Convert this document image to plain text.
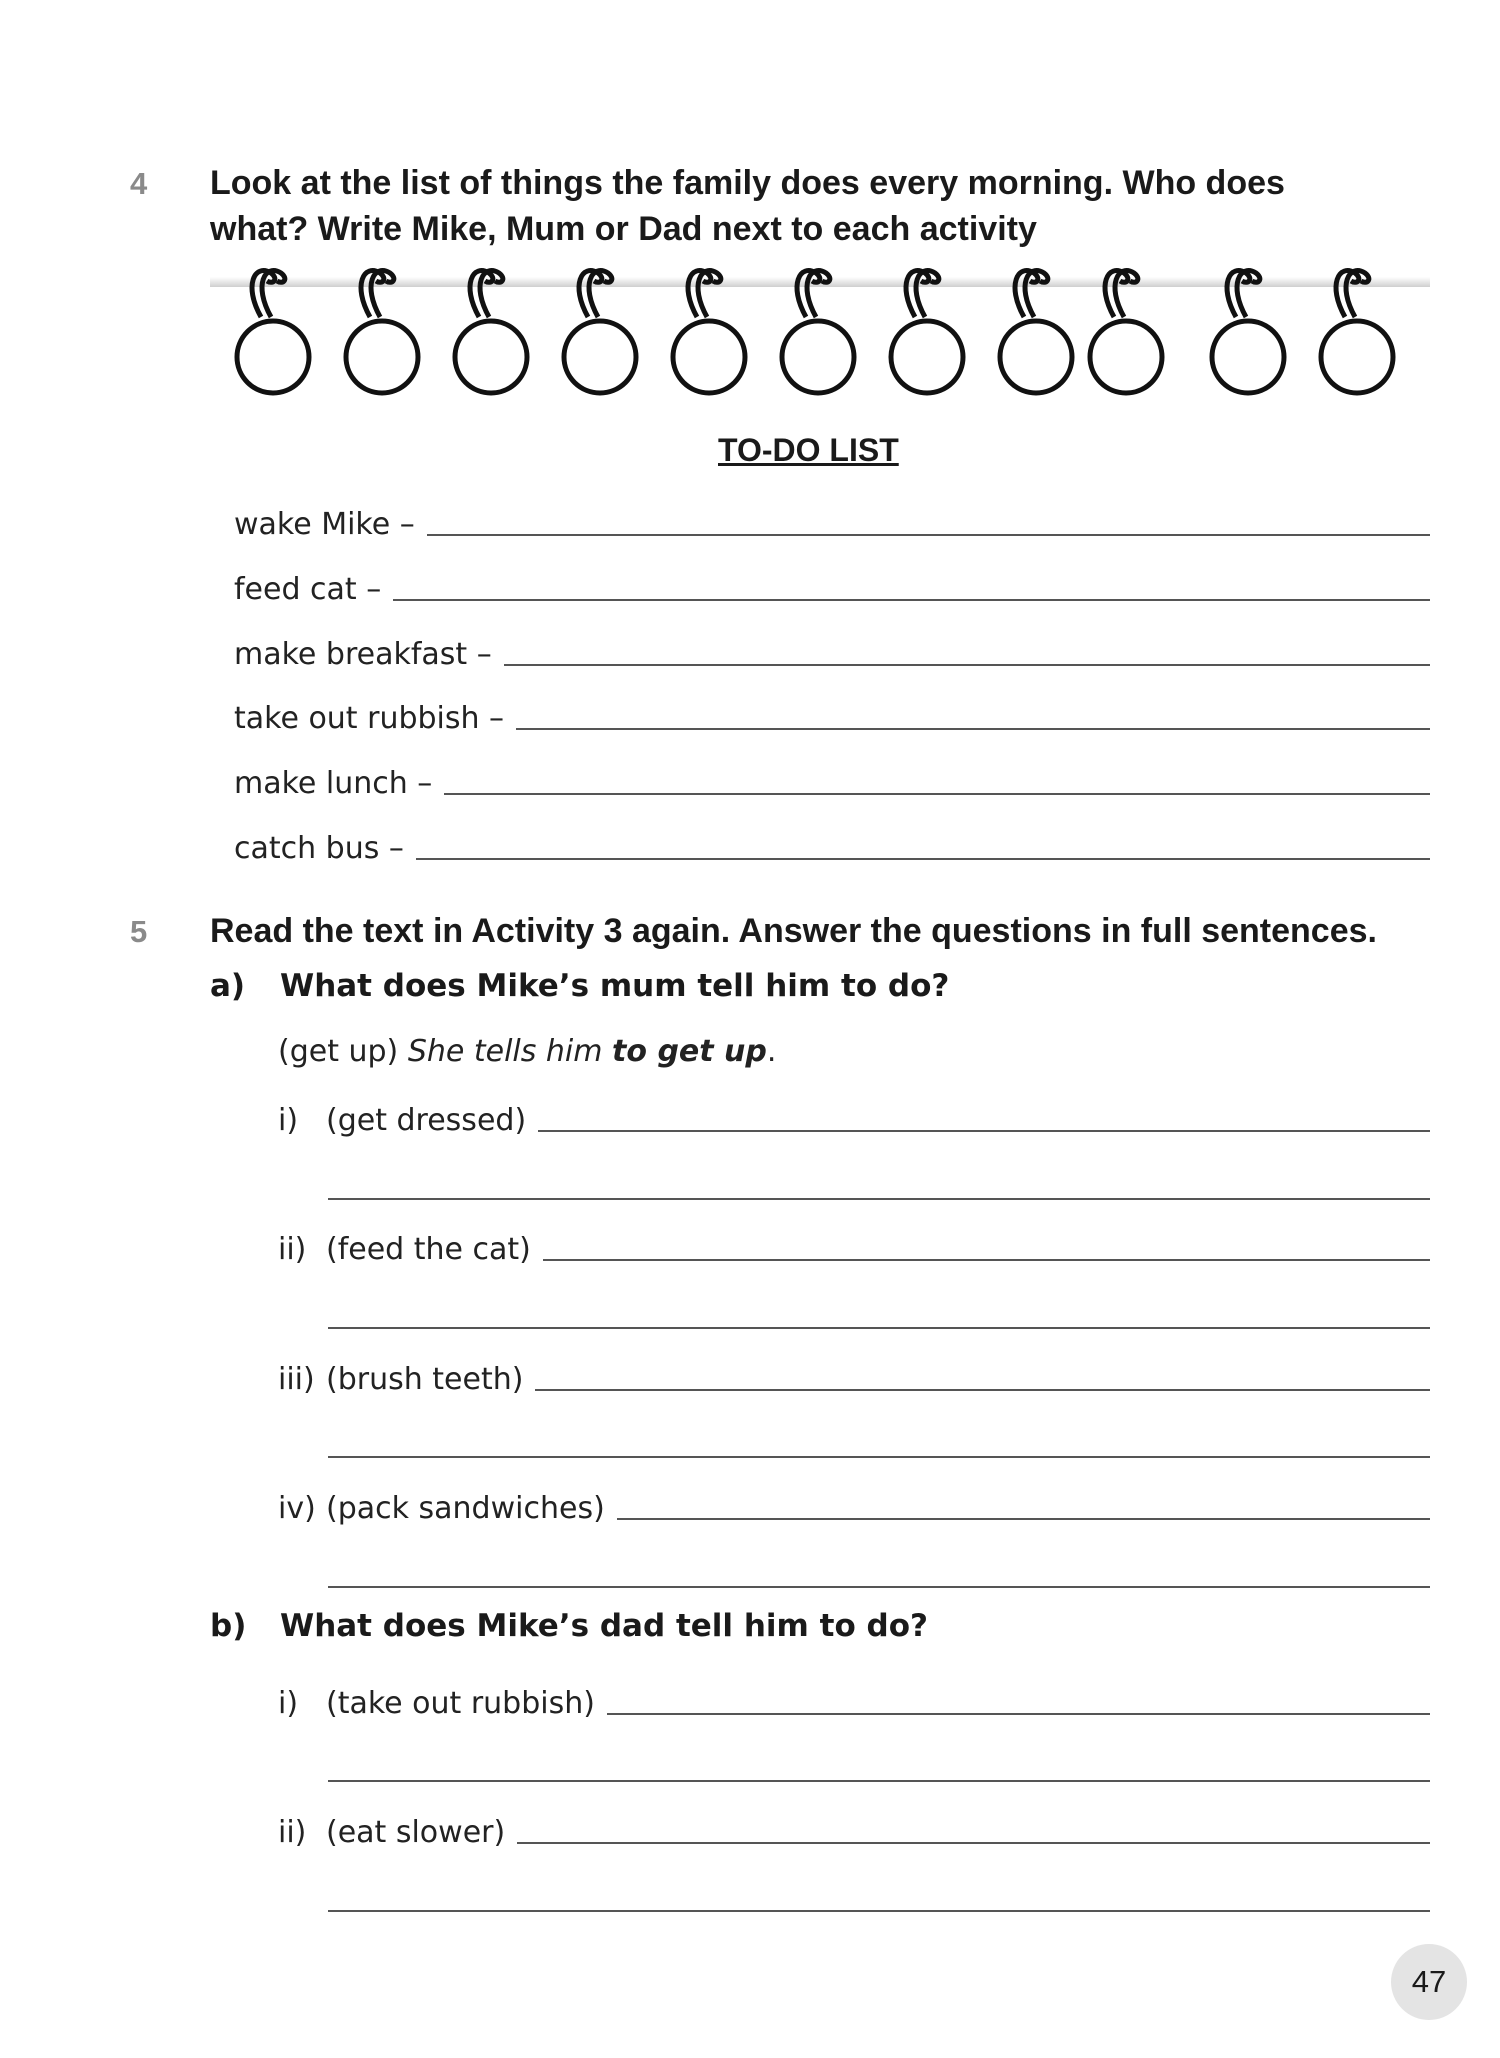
4 Look at the list of things the family does every morning. Who does what? Write Mike, Mum or Dad next to each activity
TO-DO LIST
wake Mike –
feed cat –
make breakfast –
take out rubbish –
make lunch –
catch bus –
5 Read the text in Activity 3 again. Answer the questions in full sentences.
a) What does Mike’s mum tell him to do?
(get up) She tells him to get up.
i) (get dressed)
ii) (feed the cat)
iii) (brush teeth)
iv) (pack sandwiches)
b) What does Mike’s dad tell him to do?
i) (take out rubbish)
ii) (eat slower)
47
